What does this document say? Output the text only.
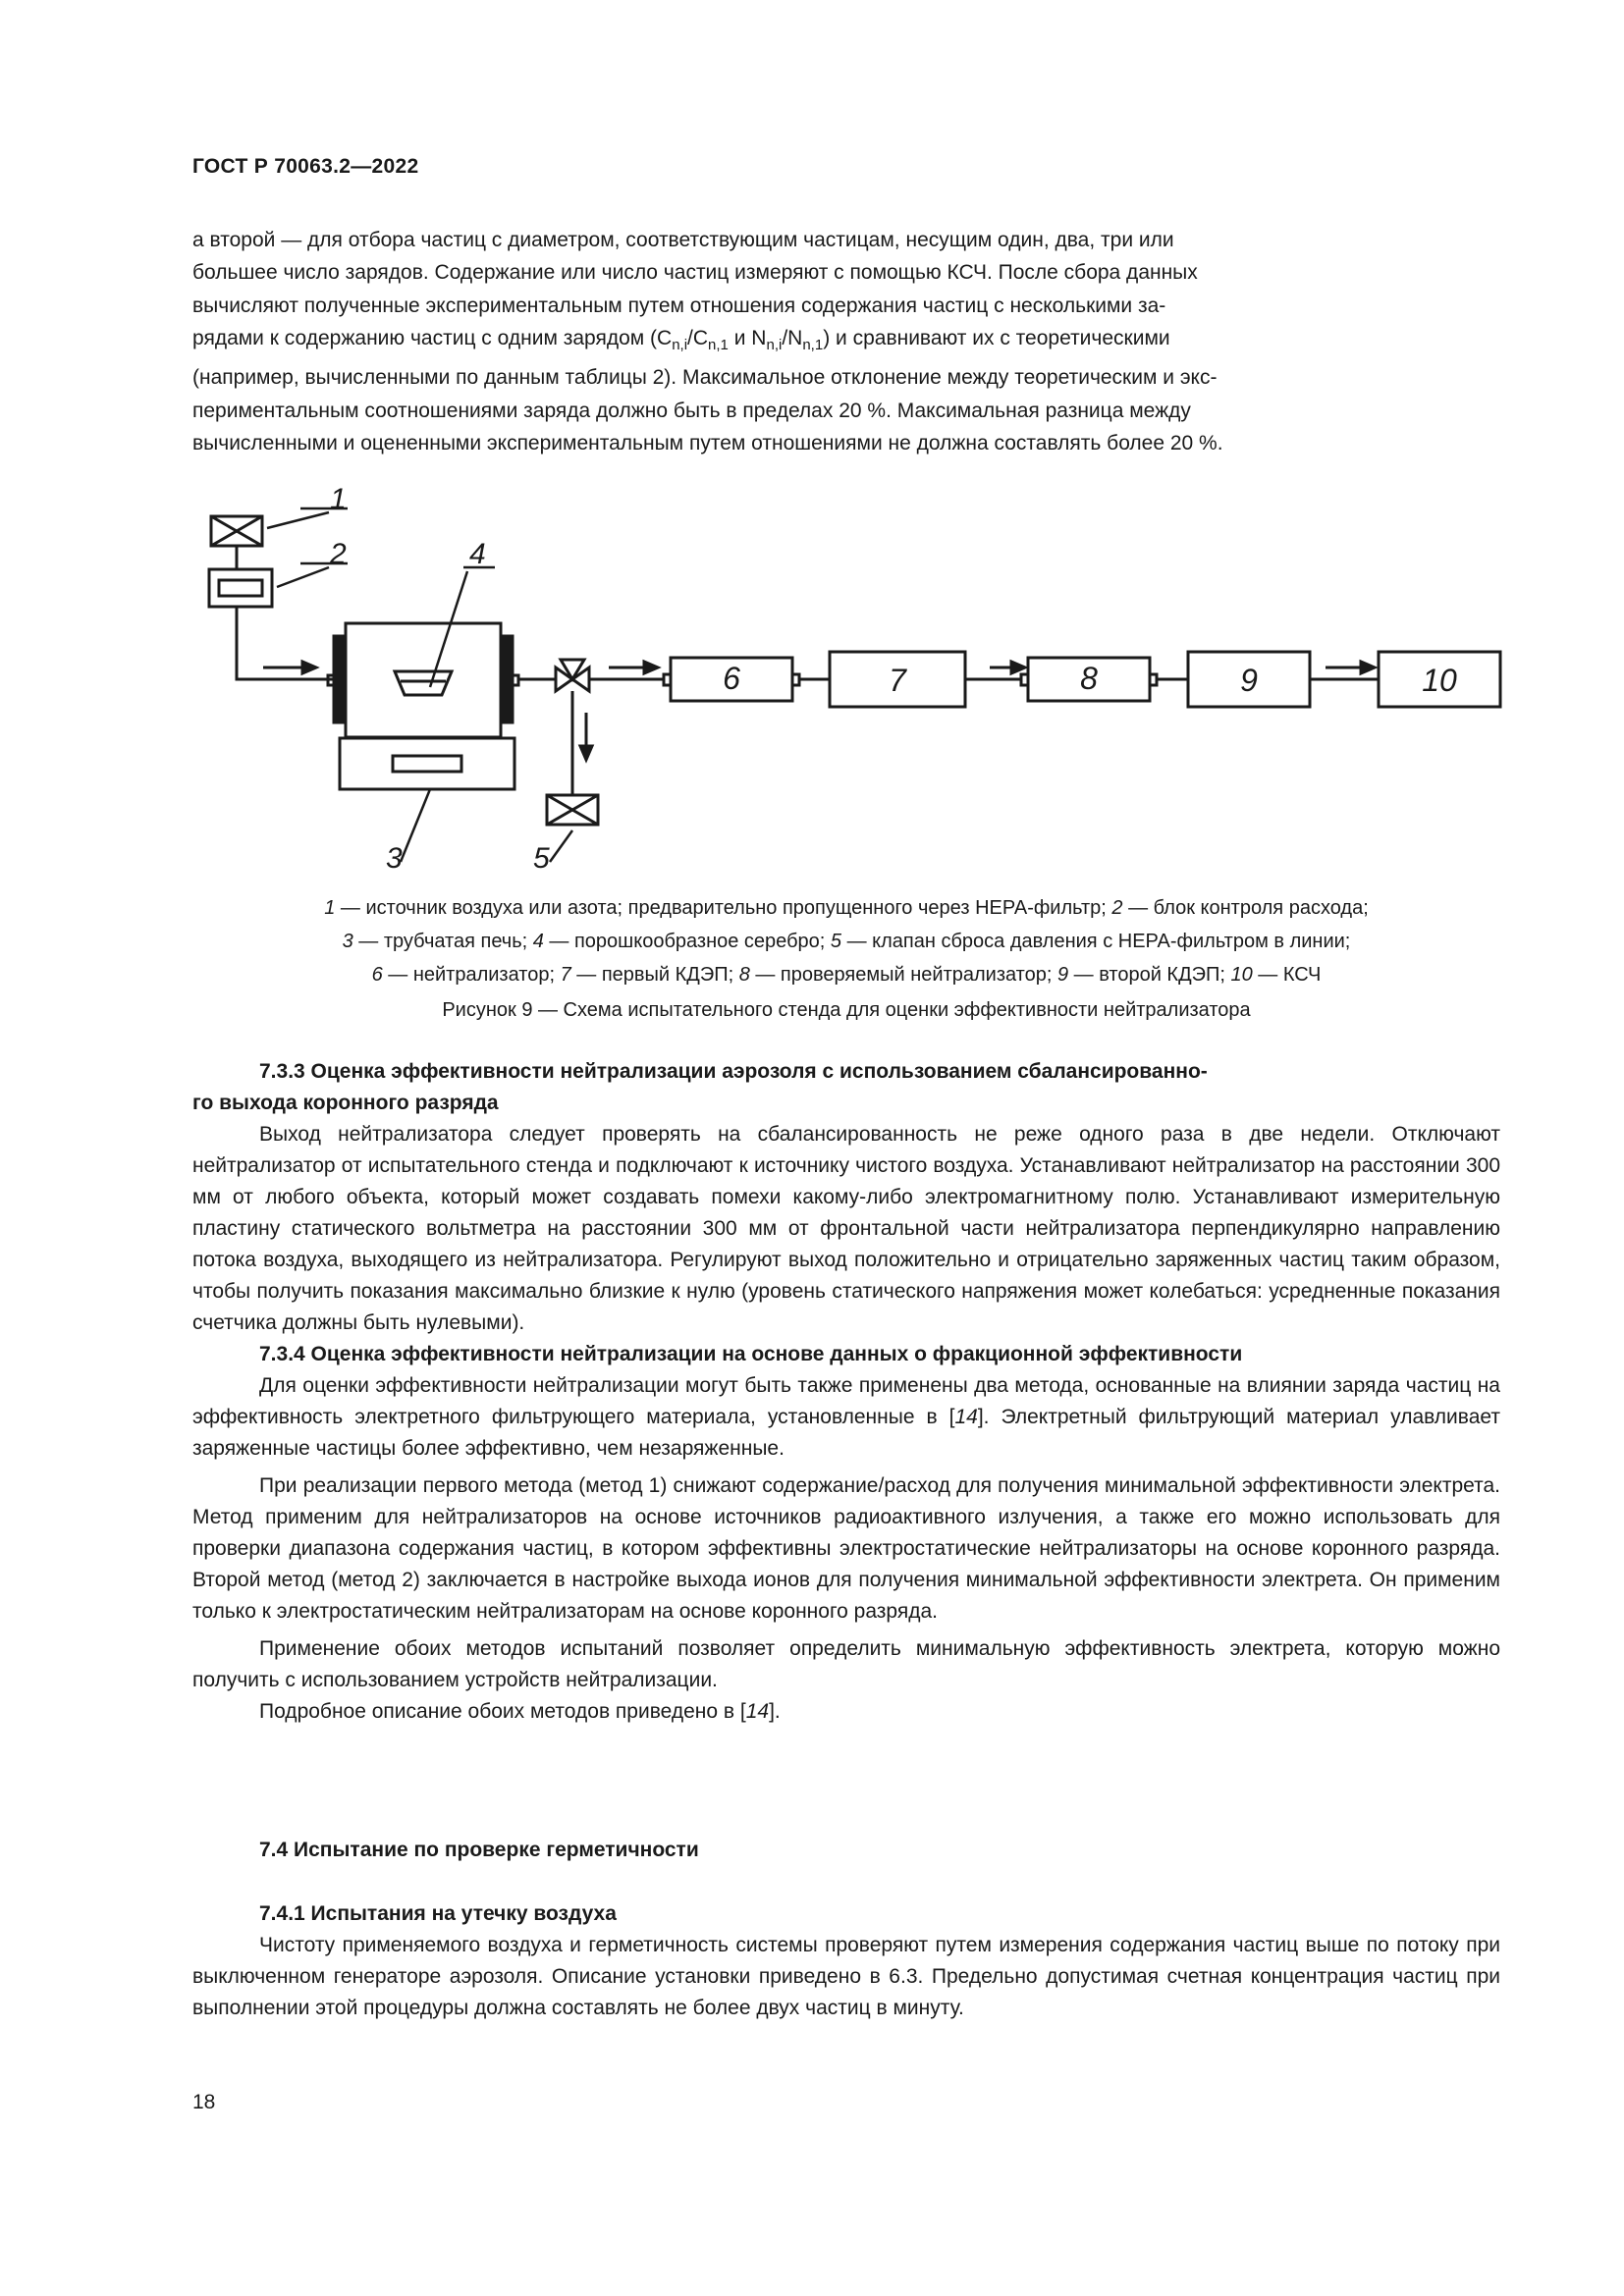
ГОСТ Р 70063.2—2022
а второй — для отбора частиц с диаметром, соответствующим частицам, несущим один, два, три или
большее число зарядов. Содержание или число частиц измеряют с помощью КСЧ. После сбора данных
вычисляют полученные экспериментальным путем отношения содержания частиц с несколькими за-
рядами к содержанию частиц с одним зарядом ($C_{n,i}/C_{n,1}$ и $N_{n,i}/N_{n,1}$) и сравнивают их с теоретическими
(например, вычисленными по данным таблицы 2). Максимальное отклонение между теоретическим и экс-
периментальным соотношениями заряда должно быть в пределах 20 %. Максимальная разница между
вычисленными и оцененными экспериментальным путем отношениями не должна составлять более 20 %.
1
2
3
4
5
6	7	8	9	10
1 — источник воздуха или азота; предварительно пропущенного через НЕРА-фильтр; 2 — блок контроля расхода;
3 — трубчатая печь; 4 — порошкообразное серебро; 5 — клапан сброса давления с НЕРА-фильтром в линии;
6 — нейтрализатор; 7 — первый КДЭП; 8 — проверяемый нейтрализатор; 9 — второй КДЭП; 10 — КСЧ
Рисунок 9 — Схема испытательного стенда для оценки эффективности нейтрализатора
7.3.3 Оценка эффективности нейтрализации аэрозоля с использованием сбалансированно-
го выхода коронного разряда

Выход нейтрализатора следует проверять на сбалансированность не реже одного раза в две недели. Отключают нейтрализатор от испытательного стенда и подключают к источнику чистого воздуха. Устанавливают нейтрализатор на расстоянии 300 мм от любого объекта, который может создавать помехи какому-либо электромагнитному полю. Устанавливают измерительную пластину статического вольтметра на расстоянии 300 мм от фронтальной части нейтрализатора перпендикулярно направлению потока воздуха, выходящего из нейтрализатора. Регулируют выход положительно и отрицательно заряженных частиц таким образом, чтобы получить показания максимально близкие к нулю (уровень статического напряжения может колебаться: усредненные показания счетчика должны быть нулевыми).

7.3.4 Оценка эффективности нейтрализации на основе данных о фракционной эффективности

Для оценки эффективности нейтрализации могут быть также применены два метода, основанные на влиянии заряда частиц на эффективность электретного фильтрующего материала, установленные в [14]. Электретный фильтрующий материал улавливает заряженные частицы более эффективно, чем незаряженные.

При реализации первого метода (метод 1) снижают содержание/расход для получения минимальной эффективности электрета. Метод применим для нейтрализаторов на основе источников радиоактивного излучения, а также его можно использовать для проверки диапазона содержания частиц, в котором эффективны электростатические нейтрализаторы на основе коронного разряда. Второй метод (метод 2) заключается в настройке выхода ионов для получения минимальной эффективности электрета. Он применим только к электростатическим нейтрализаторам на основе коронного разряда.

Применение обоих методов испытаний позволяет определить минимальную эффективность электрета, которую можно получить с использованием устройств нейтрализации.

Подробное описание обоих методов приведено в [14].

7.4 Испытание по проверке герметичности
7.4.1 Испытания на утечку воздуха

Чистоту применяемого воздуха и герметичность системы проверяют путем измерения содержания частиц выше по потоку при выключенном генераторе аэрозоля. Описание установки приведено в 6.3. Предельно допустимая счетная концентрация частиц при выполнении этой процедуры должна составлять не более двух частиц в минуту.

18
